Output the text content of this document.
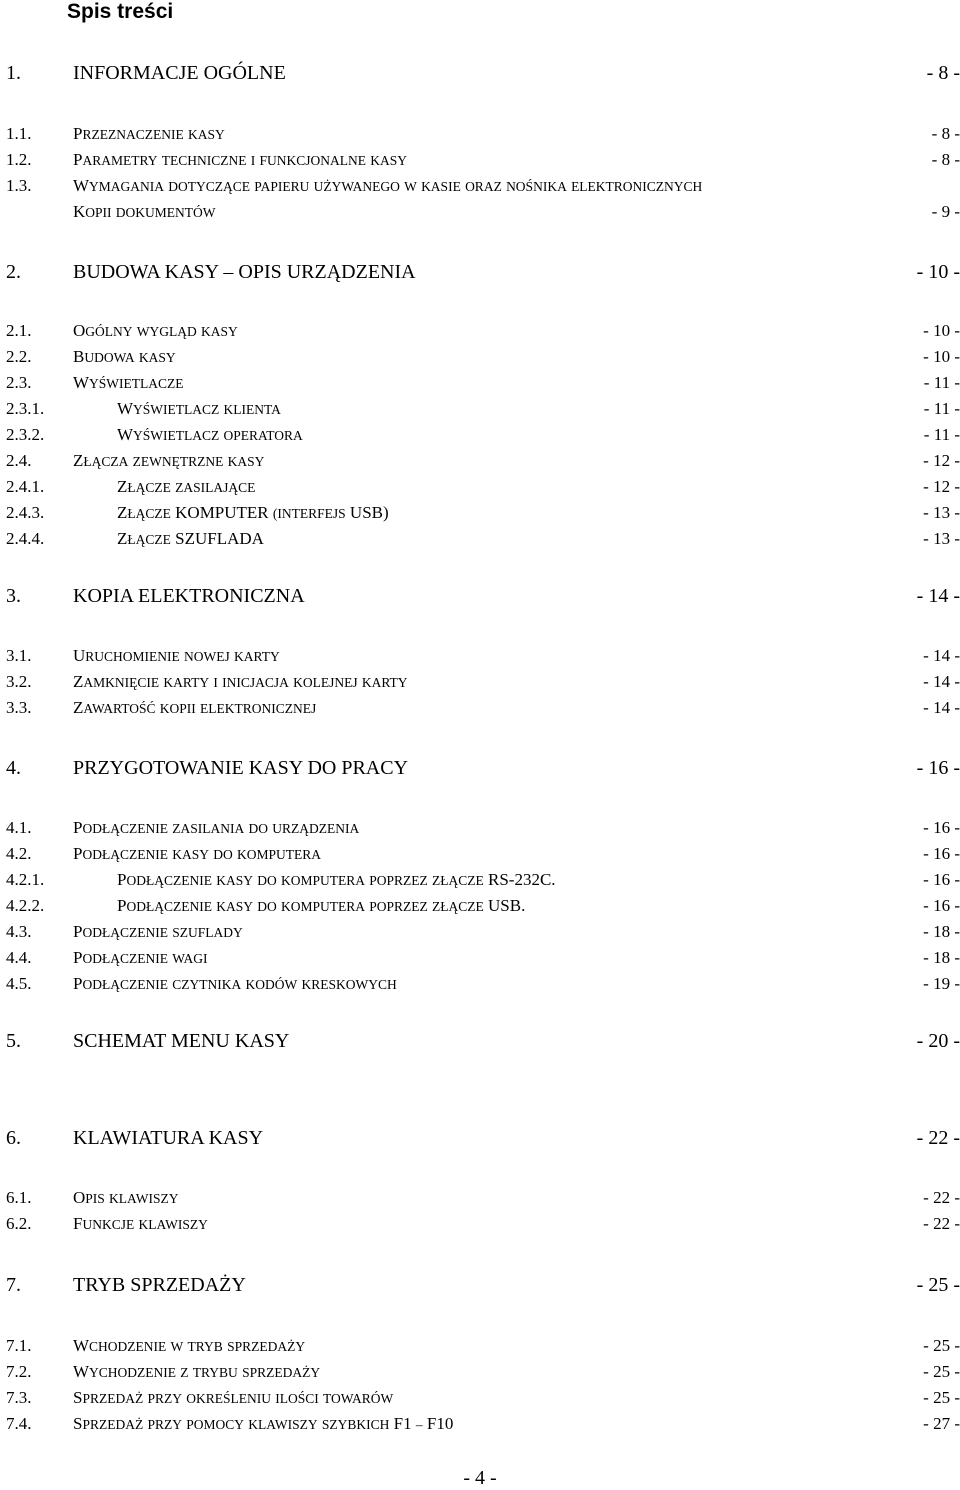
Spis treści
1.	INFORMACJE OGÓLNE	- 8 -
1.1. PRZEZNACZENIE KASY	- 8 -
1.2. PARAMETRY TECHNICZNE I FUNKCJONALNE KASY	- 8 -
1.3. WYMAGANIA DOTYCZĄCE PAPIERU UŻYWANEGO W KASIE ORAZ NOŚNIKA ELEKTRONICZNYCH
KOPII DOKUMENTÓW	- 9 -
2.	BUDOWA KASY – OPIS URZĄDZENIA	- 10 -
2.1. OGÓLNY WYGLĄD KASY	- 10 -
2.2. BUDOWA KASY	- 10 -
2.3. WYŚWIETLACZE	- 11 -
2.3.1.	WYŚWIETLACZ KLIENTA	- 11 -
2.3.2.	WYŚWIETLACZ OPERATORA	- 11 -
2.4. ZŁĄCZA ZEWNĘTRZNE KASY	- 12 -
2.4.1.	ZŁĄCZE ZASILAJĄCE	- 12 -
2.4.3.	ZŁĄCZE KOMPUTER (INTERFEJS USB)	- 13 -
2.4.4.	ZŁĄCZE SZUFLADA	- 13 -
3.	KOPIA ELEKTRONICZNA	- 14 -
3.1. URUCHOMIENIE NOWEJ KARTY	- 14 -
3.2. ZAMKNIĘCIE KARTY I INICJACJA KOLEJNEJ KARTY	- 14 -
3.3. ZAWARTOŚĆ KOPII ELEKTRONICZNEJ	- 14 -
4.	PRZYGOTOWANIE KASY DO PRACY	- 16 -
4.1. PODŁĄCZENIE ZASILANIA DO URZĄDZENIA	- 16 -
4.2. PODŁĄCZENIE KASY DO KOMPUTERA	- 16 -
4.2.1.	PODŁĄCZENIE KASY DO KOMPUTERA POPRZEZ ZŁĄCZE RS-232C.	- 16 -
4.2.2.	PODŁĄCZENIE KASY DO KOMPUTERA POPRZEZ ZŁĄCZE USB.	- 16 -
4.3. PODŁĄCZENIE SZUFLADY	- 18 -
4.4. PODŁĄCZENIE WAGI	- 18 -
4.5. PODŁĄCZENIE CZYTNIKA KODÓW KRESKOWYCH	- 19 -
5.	SCHEMAT MENU KASY	- 20 -
6.	KLAWIATURA KASY	- 22 -
6.1. OPIS KLAWISZY	- 22 -
6.2. FUNKCJE KLAWISZY	- 22 -
7.	TRYB SPRZEDAŻY	- 25 -
7.1. WCHODZENIE W TRYB SPRZEDAŻY	- 25 -
7.2. WYCHODZENIE Z TRYBU SPRZEDAŻY	- 25 -
7.3. SPRZEDAŻ PRZY OKREŚLENIU ILOŚCI TOWARÓW	- 25 -
7.4. SPRZEDAŻ PRZY POMOCY KLAWISZY SZYBKICH F1 – F10	- 27 -
- 4 -
